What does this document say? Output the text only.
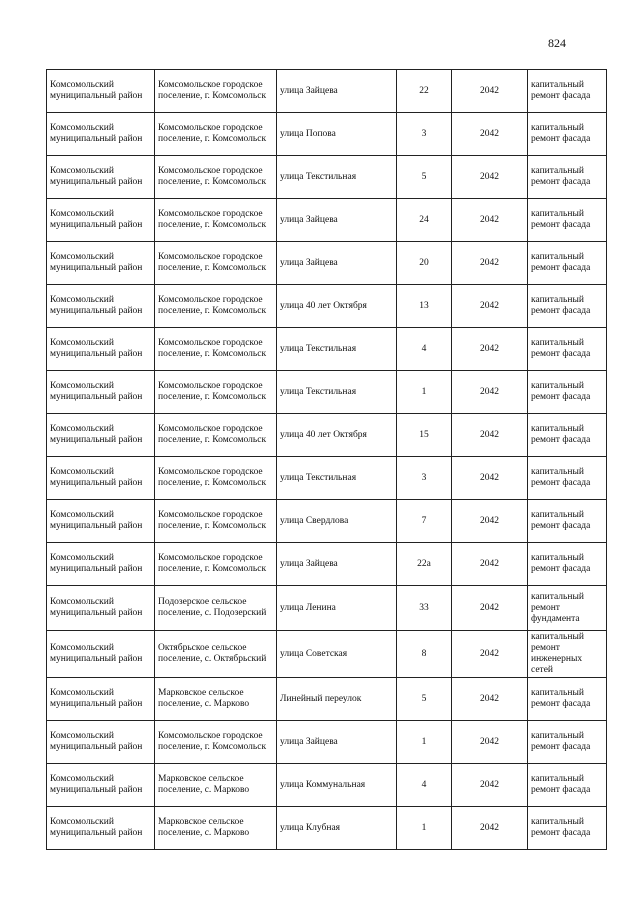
824
Комсомольский муниципальный район	Комсомольское городское поселение, г. Комсомольск	улица Зайцева	22	2042	капитальный ремонт фасада
Комсомольский муниципальный район	Комсомольское городское поселение, г. Комсомольск	улица Попова	3	2042	капитальный ремонт фасада
Комсомольский муниципальный район	Комсомольское городское поселение, г. Комсомольск	улица Текстильная	5	2042	капитальный ремонт фасада
Комсомольский муниципальный район	Комсомольское городское поселение, г. Комсомольск	улица Зайцева	24	2042	капитальный ремонт фасада
Комсомольский муниципальный район	Комсомольское городское поселение, г. Комсомольск	улица Зайцева	20	2042	капитальный ремонт фасада
Комсомольский муниципальный район	Комсомольское городское поселение, г. Комсомольск	улица 40 лет Октября	13	2042	капитальный ремонт фасада
Комсомольский муниципальный район	Комсомольское городское поселение, г. Комсомольск	улица Текстильная	4	2042	капитальный ремонт фасада
Комсомольский муниципальный район	Комсомольское городское поселение, г. Комсомольск	улица Текстильная	1	2042	капитальный ремонт фасада
Комсомольский муниципальный район	Комсомольское городское поселение, г. Комсомольск	улица 40 лет Октября	15	2042	капитальный ремонт фасада
Комсомольский муниципальный район	Комсомольское городское поселение, г. Комсомольск	улица Текстильная	3	2042	капитальный ремонт фасада
Комсомольский муниципальный район	Комсомольское городское поселение, г. Комсомольск	улица Свердлова	7	2042	капитальный ремонт фасада
Комсомольский муниципальный район	Комсомольское городское поселение, г. Комсомольск	улица Зайцева	22а	2042	капитальный ремонт фасада
Комсомольский муниципальный район	Подозерское сельское поселение, с. Подозерский	улица Ленина	33	2042	капитальный ремонт фундамента
Комсомольский муниципальный район	Октябрьское сельское поселение, с. Октябрьский	улица Советская	8	2042	капитальный ремонт инженерных сетей
Комсомольский муниципальный район	Марковское сельское поселение, с. Марково	Линейный переулок	5	2042	капитальный ремонт фасада
Комсомольский муниципальный район	Комсомольское городское поселение, г. Комсомольск	улица Зайцева	1	2042	капитальный ремонт фасада
Комсомольский муниципальный район	Марковское сельское поселение, с. Марково	улица Коммунальная	4	2042	капитальный ремонт фасада
Комсомольский муниципальный район	Марковское сельское поселение, с. Марково	улица Клубная	1	2042	капитальный ремонт фасада
